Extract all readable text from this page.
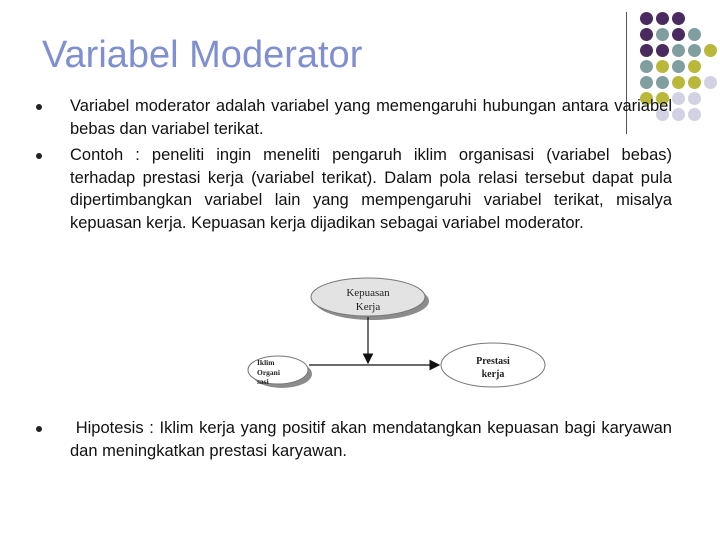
Variabel Moderator
Variabel moderator adalah variabel yang memengaruhi hubungan antara variabel bebas dan variabel terikat.
Contoh : peneliti ingin meneliti pengaruh iklim organisasi (variabel bebas) terhadap prestasi kerja (variabel terikat). Dalam pola relasi tersebut dapat pula dipertimbangkan variabel lain yang mempengaruhi variabel terikat, misalya kepuasan kerja. Kepuasan kerja dijadikan sebagai variabel moderator.
Kepuasan
Kerja
Iklim
Organi
sasi
Prestasi
kerja
Hipotesis : Iklim kerja yang positif akan mendatangkan kepuasan bagi karyawan dan meningkatkan prestasi karyawan.
